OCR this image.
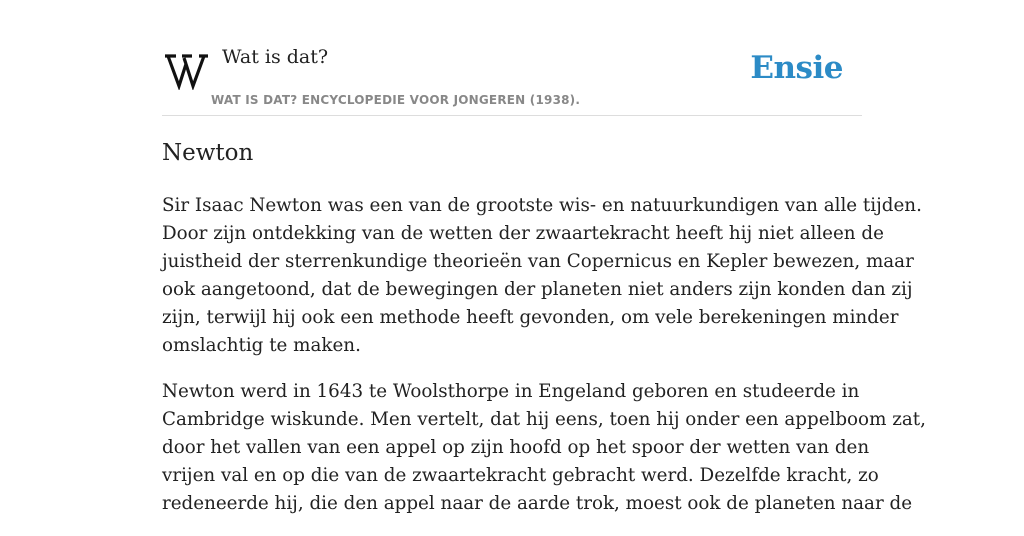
Wat is dat?
WAT IS DAT? ENCYCLOPEDIE VOOR JONGEREN (1938).
Ensie
Newton

Sir Isaac Newton was een van de grootste wis- en natuurkundigen van alle tijden.
Door zijn ontdekking van de wetten der zwaartekracht heeft hij niet alleen de
juistheid der sterrenkundige theorieën van Copernicus en Kepler bewezen, maar
ook aangetoond, dat de bewegingen der planeten niet anders zijn konden dan zij
zijn, terwijl hij ook een methode heeft gevonden, om vele berekeningen minder
omslachtig te maken.

Newton werd in 1643 te Woolsthorpe in Engeland geboren en studeerde in
Cambridge wiskunde. Men vertelt, dat hij eens, toen hij onder een appelboom zat,
door het vallen van een appel op zijn hoofd op het spoor der wetten van den
vrijen val en op die van de zwaartekracht gebracht werd. Dezelfde kracht, zo
redeneerde hij, die den appel naar de aarde trok, moest ook de planeten naar de
